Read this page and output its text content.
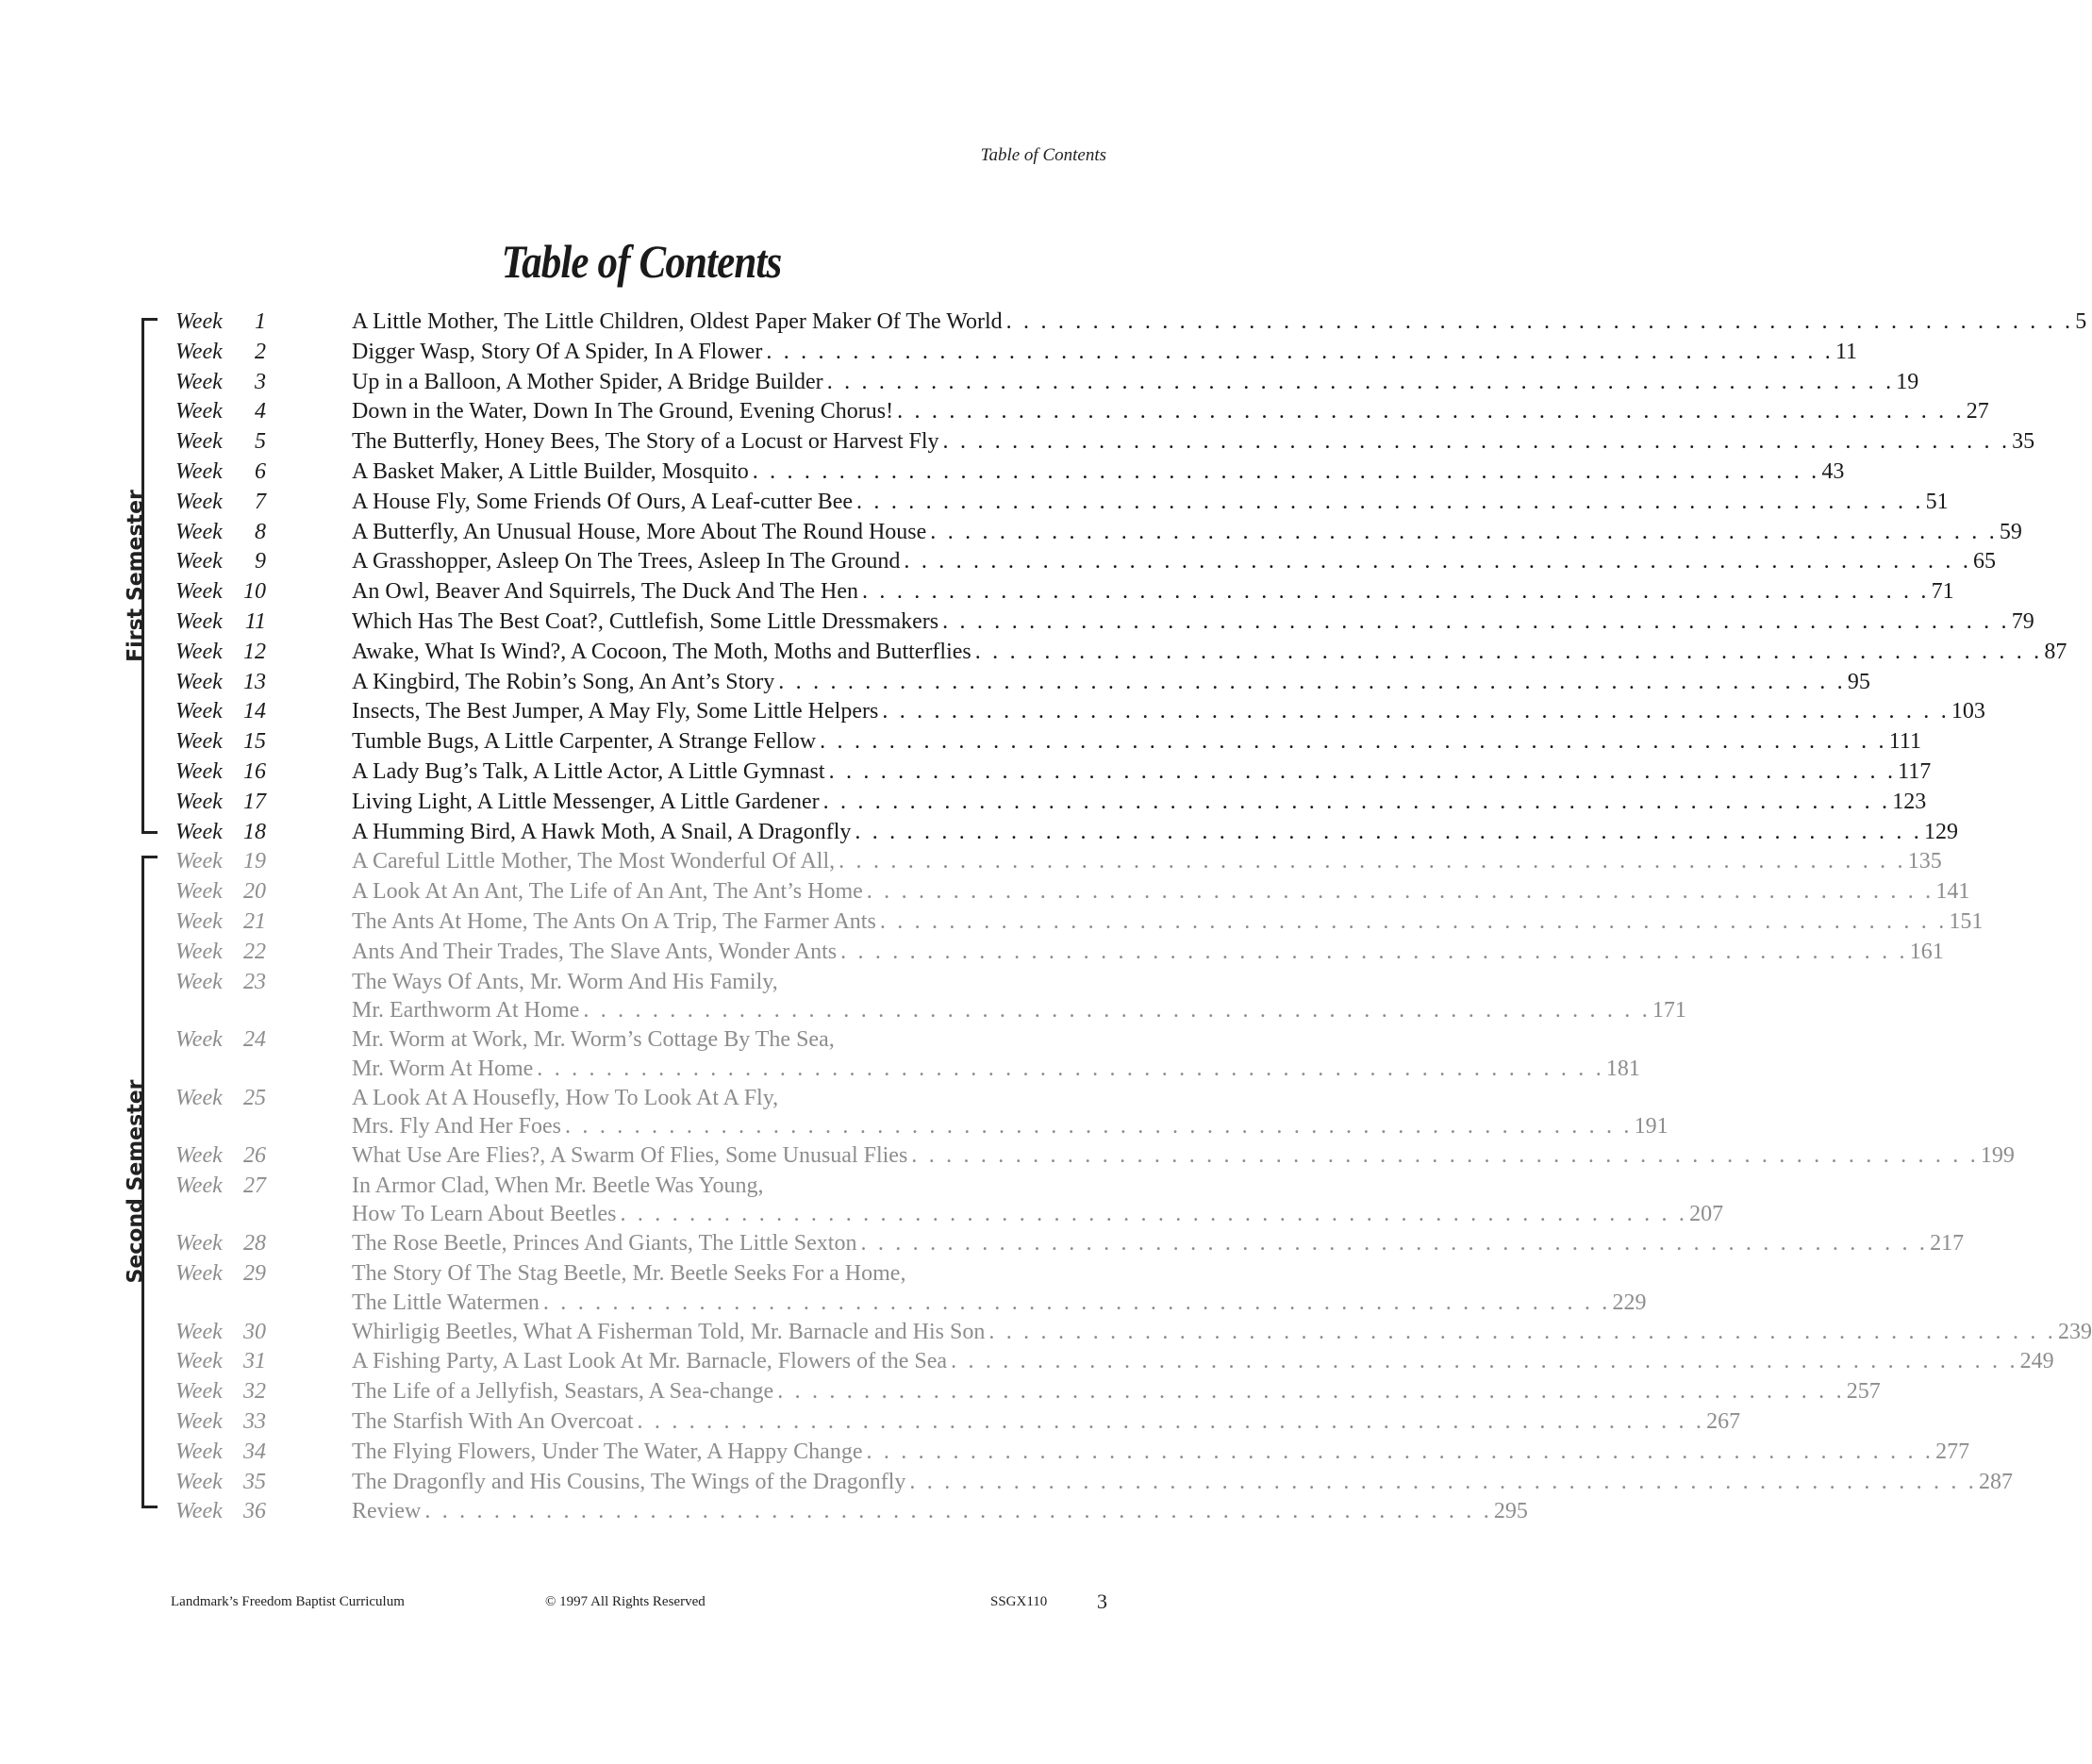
Table of Contents
Table of Contents
First Semester
Second Semester
Week	1	A Little Mother, The Little Children, Oldest Paper Maker Of The World . . . . . . . . . . . . . . . . . . . . . . . . . . . . . . . . . . . . . . . . . . . . . . . . . . . . . . . . . . . . . . 5
Week	2	Digger Wasp, Story Of A Spider, In A Flower . . . . . . . . . . . . . . . . . . . . . . . . . . . . . . . . . . . . . . . . . . . . . . . . . . . . . . . . . . . . . . 11
Week	3	Up in a Balloon, A Mother Spider, A Bridge Builder . . . . . . . . . . . . . . . . . . . . . . . . . . . . . . . . . . . . . . . . . . . . . . . . . . . . . . . . . . . . . . 19
Week	4	Down in the Water, Down In The Ground, Evening Chorus! . . . . . . . . . . . . . . . . . . . . . . . . . . . . . . . . . . . . . . . . . . . . . . . . . . . . . . . . . . . . . . 27
Week	5	The Butterfly, Honey Bees, The Story of a Locust or Harvest Fly . . . . . . . . . . . . . . . . . . . . . . . . . . . . . . . . . . . . . . . . . . . . . . . . . . . . . . . . . . . . . . 35
Week	6	A Basket Maker, A Little Builder, Mosquito . . . . . . . . . . . . . . . . . . . . . . . . . . . . . . . . . . . . . . . . . . . . . . . . . . . . . . . . . . . . . . 43
Week	7	A House Fly, Some Friends Of Ours, A Leaf-cutter Bee . . . . . . . . . . . . . . . . . . . . . . . . . . . . . . . . . . . . . . . . . . . . . . . . . . . . . . . . . . . . . . 51
Week	8	A Butterfly, An Unusual House, More About The Round House . . . . . . . . . . . . . . . . . . . . . . . . . . . . . . . . . . . . . . . . . . . . . . . . . . . . . . . . . . . . . . 59
Week	9	A Grasshopper, Asleep On The Trees, Asleep In The Ground . . . . . . . . . . . . . . . . . . . . . . . . . . . . . . . . . . . . . . . . . . . . . . . . . . . . . . . . . . . . . . 65
Week 10	An Owl, Beaver And Squirrels, The Duck And The Hen . . . . . . . . . . . . . . . . . . . . . . . . . . . . . . . . . . . . . . . . . . . . . . . . . . . . . . . . . . . . . . 71
Week	11	Which Has The Best Coat?, Cuttlefish, Some Little Dressmakers . . . . . . . . . . . . . . . . . . . . . . . . . . . . . . . . . . . . . . . . . . . . . . . . . . . . . . . . . . . . . . 79
Week 12	Awake, What Is Wind?, A Cocoon, The Moth, Moths and Butterflies . . . . . . . . . . . . . . . . . . . . . . . . . . . . . . . . . . . . . . . . . . . . . . . . . . . . . . . . . . . . . . 87
Week 13	A Kingbird, The Robin’s Song, An Ant’s Story . . . . . . . . . . . . . . . . . . . . . . . . . . . . . . . . . . . . . . . . . . . . . . . . . . . . . . . . . . . . . . 95
Week 14	Insects, The Best Jumper, A May Fly, Some Little Helpers . . . . . . . . . . . . . . . . . . . . . . . . . . . . . . . . . . . . . . . . . . . . . . . . . . . . . . . . . . . . . . 103
Week 15	Tumble Bugs, A Little Carpenter, A Strange Fellow . . . . . . . . . . . . . . . . . . . . . . . . . . . . . . . . . . . . . . . . . . . . . . . . . . . . . . . . . . . . . . 111
Week 16	A Lady Bug’s Talk, A Little Actor, A Little Gymnast . . . . . . . . . . . . . . . . . . . . . . . . . . . . . . . . . . . . . . . . . . . . . . . . . . . . . . . . . . . . . . 117
Week 17	Living Light, A Little Messenger, A Little Gardener . . . . . . . . . . . . . . . . . . . . . . . . . . . . . . . . . . . . . . . . . . . . . . . . . . . . . . . . . . . . . . 123
Week 18	A Humming Bird, A Hawk Moth, A Snail, A Dragonfly . . . . . . . . . . . . . . . . . . . . . . . . . . . . . . . . . . . . . . . . . . . . . . . . . . . . . . . . . . . . . . 129
Week 19	A Careful Little Mother, The Most Wonderful Of All, . . . . . . . . . . . . . . . . . . . . . . . . . . . . . . . . . . . . . . . . . . . . . . . . . . . . . . . . . . . . . . 135
Week 20	A Look At An Ant, The Life of An Ant, The Ant’s Home . . . . . . . . . . . . . . . . . . . . . . . . . . . . . . . . . . . . . . . . . . . . . . . . . . . . . . . . . . . . . . 141
Week 21	The Ants At Home, The Ants On A Trip, The Farmer Ants . . . . . . . . . . . . . . . . . . . . . . . . . . . . . . . . . . . . . . . . . . . . . . . . . . . . . . . . . . . . . . 151
Week 22	Ants And Their Trades, The Slave Ants, Wonder Ants . . . . . . . . . . . . . . . . . . . . . . . . . . . . . . . . . . . . . . . . . . . . . . . . . . . . . . . . . . . . . . 161
Week 23	The Ways Of Ants, Mr. Worm And His Family,
Mr. Earthworm At Home . . . . . . . . . . . . . . . . . . . . . . . . . . . . . . . . . . . . . . . . . . . . . . . . . . . . . . . . . . . . . . 171
Week 24	Mr. Worm at Work, Mr. Worm’s Cottage By The Sea,
Mr. Worm At Home . . . . . . . . . . . . . . . . . . . . . . . . . . . . . . . . . . . . . . . . . . . . . . . . . . . . . . . . . . . . . . 181
Week 25	A Look At A Housefly, How To Look At A Fly,
Mrs. Fly And Her Foes . . . . . . . . . . . . . . . . . . . . . . . . . . . . . . . . . . . . . . . . . . . . . . . . . . . . . . . . . . . . . . 191
Week 26	What Use Are Flies?, A Swarm Of Flies, Some Unusual Flies . . . . . . . . . . . . . . . . . . . . . . . . . . . . . . . . . . . . . . . . . . . . . . . . . . . . . . . . . . . . . . 199
Week 27	In Armor Clad, When Mr. Beetle Was Young,
How To Learn About Beetles . . . . . . . . . . . . . . . . . . . . . . . . . . . . . . . . . . . . . . . . . . . . . . . . . . . . . . . . . . . . . . 207
Week 28	The Rose Beetle, Princes And Giants, The Little Sexton . . . . . . . . . . . . . . . . . . . . . . . . . . . . . . . . . . . . . . . . . . . . . . . . . . . . . . . . . . . . . . 217
Week 29	The Story Of The Stag Beetle, Mr. Beetle Seeks For a Home,
The Little Watermen . . . . . . . . . . . . . . . . . . . . . . . . . . . . . . . . . . . . . . . . . . . . . . . . . . . . . . . . . . . . . . 229
Week 30	Whirligig Beetles, What A Fisherman Told, Mr. Barnacle and His Son . . . . . . . . . . . . . . . . . . . . . . . . . . . . . . . . . . . . . . . . . . . . . . . . . . . . . . . . . . . . . . 239
Week 31	A Fishing Party, A Last Look At Mr. Barnacle, Flowers of the Sea . . . . . . . . . . . . . . . . . . . . . . . . . . . . . . . . . . . . . . . . . . . . . . . . . . . . . . . . . . . . . . 249
Week 32	The Life of a Jellyfish, Seastars, A Sea-change . . . . . . . . . . . . . . . . . . . . . . . . . . . . . . . . . . . . . . . . . . . . . . . . . . . . . . . . . . . . . . 257
Week 33	The Starfish With An Overcoat . . . . . . . . . . . . . . . . . . . . . . . . . . . . . . . . . . . . . . . . . . . . . . . . . . . . . . . . . . . . . . 267
Week 34	The Flying Flowers, Under The Water, A Happy Change . . . . . . . . . . . . . . . . . . . . . . . . . . . . . . . . . . . . . . . . . . . . . . . . . . . . . . . . . . . . . . 277
Week 35	The Dragonfly and His Cousins, The Wings of the Dragonfly . . . . . . . . . . . . . . . . . . . . . . . . . . . . . . . . . . . . . . . . . . . . . . . . . . . . . . . . . . . . . . 287
Week 36	Review . . . . . . . . . . . . . . . . . . . . . . . . . . . . . . . . . . . . . . . . . . . . . . . . . . . . . . . . . . . . . . 295
Landmark’s Freedom Baptist Curriculum	© 1997 All Rights Reserved	SSGX110 3
